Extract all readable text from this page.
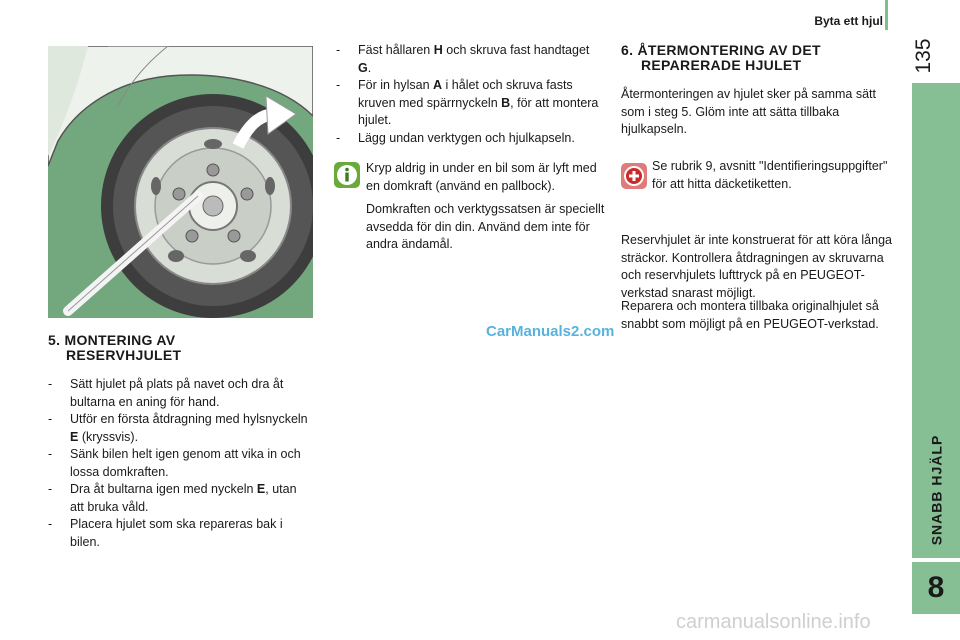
Byta ett hjul
135
SNABB HJÄLP
8
5. MONTERING AV
RESERVHJULET

- Sätt hjulet på plats på navet och dra åt bultarna en aning för hand.

- Utför en första åtdragning med hylsnyckeln E (kryssvis).

- Sänk bilen helt igen genom att vika in och lossa domkraften.

- Dra åt bultarna igen med nyckeln E, utan att bruka våld.

- Placera hjulet som ska repareras bak i bilen.

- Fäst hållaren H och skruva fast handtaget G.

- För in hylsan A i hålet och skruva fasts kruven med spärrnyckeln B, för att montera hjulet.

- Lägg undan verktygen och hjulkapseln.

Kryp aldrig in under en bil som är lyft med en domkraft (använd en pallbock).

Domkraften och verktygssatsen är speciellt avsedda för din din. Använd dem inte för andra ändamål.

6. ÅTERMONTERING AV DET
REPARERADE HJULET
Återmonteringen av hjulet sker på samma sätt som i steg 5. Glöm inte att sätta tillbaka hjulkapseln.
Se rubrik 9, avsnitt "Identifieringsuppgifter" för att hitta däcketiketten.
Reservhjulet är inte konstruerat för att köra långa sträckor. Kontrollera åtdragningen av skruvarna och reservhjulets lufttryck på en PEUGEOT-verkstad snarast möjligt.
Reparera och montera tillbaka originalhjulet så snabbt som möjligt på en PEUGEOT-verkstad.
CarManuals2.com
carmanualsonline.info
